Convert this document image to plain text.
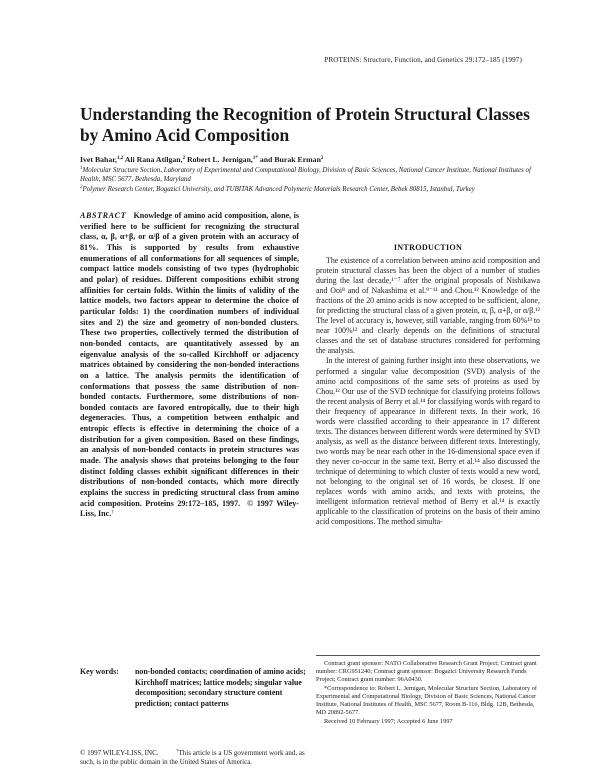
PROTEINS: Structure, Function, and Genetics 29:172–185 (1997)
Understanding the Recognition of Protein Structural Classes by Amino Acid Composition
Ivet Bahar,$^{1,2}$ Ali Rana Atilgan,$^2$ Robert L. Jernigan,$^{1*}$ and Burak Erman$^2$
$^1$Molecular Structure Section, Laboratory of Experimental and Computational Biology, Division of Basic Sciences, National Cancer Institute, National Institutes of Health, MSC 5677, Bethesda, Maryland
$^2$Polymer Research Center, Bogazici University, and TUBITAK Advanced Polymeric Materials Research Center, Bebek 80815, Istanbul, Turkey
ABSTRACT Knowledge of amino acid composition, alone, is verified here to be sufficient for recognizing the structural class, α, β, α+β, or α/β of a given protein with an accuracy of 81%. This is supported by results from exhaustive enumerations of all conformations for all sequences of simple, compact lattice models consisting of two types (hydrophobic and polar) of residues. Different compositions exhibit strong affinities for certain folds. Within the limits of validity of the lattice models, two factors appear to determine the choice of particular folds: 1) the coordination numbers of individual sites and 2) the size and geometry of non-bonded clusters. These two properties, collectively termed the distribution of non-bonded contacts, are quantitatively assessed by an eigenvalue analysis of the so-called Kirchhoff or adjacency matrices obtained by considering the non-bonded interactions on a lattice. The analysis permits the identification of conformations that possess the same distribution of non-bonded contacts. Furthermore, some distributions of non-bonded contacts are favored entropically, due to their high degeneracies. Thus, a competition between enthalpic and entropic effects is effective in determining the choice of a distribution for a given composition. Based on these findings, an analysis of non-bonded contacts in protein structures was made. The analysis shows that proteins belonging to the four distinct folding classes exhibit significant differences in their distributions of non-bonded contacts, which more directly explains the success in predicting structural class from amino acid composition. Proteins 29:172–185, 1997. © 1997 Wiley-Liss, Inc.†
Key words: non-bonded contacts; coordination of amino acids; Kirchhoff matrices; lattice models; singular value decomposition; secondary structure content prediction; contact patterns
© 1997 WILEY-LISS, INC.	†This article is a US government work and, as such, is in the public domain in the United States of America.
INTRODUCTION

The existence of a correlation between amino acid composition and protein structural classes has been the object of a number of studies during the last decade,¹⁻⁷ after the original proposals of Nishikawa and Ooi⁸ and of Nakashima et al.⁹⁻¹¹ and Chou.¹² Knowledge of the fractions of the 20 amino acids is now accepted to be sufficient, alone, for predicting the structural class of a given protein, α, β, α+β, or α/β.¹² The level of accuracy is, however, still variable, ranging from 60%¹³ to near 100%¹² and clearly depends on the definitions of structural classes and the set of database structures considered for performing the analysis.

In the interest of gaining further insight into these observations, we performed a singular value decomposition (SVD) analysis of the amino acid compositions of the same sets of proteins as used by Chou.¹² Our use of the SVD technique for classifying proteins follows the recent analysis of Berry et al.¹⁴ for classifying words with regard to their frequency of appearance in different texts. In their work, 16 words were classified according to their appearance in 17 different texts. The distances between different words were determined by SVD analysis, as well as the distance between different texts. Interestingly, two words may be near each other in the 16-dimensional space even if they never co-occur in the same text. Berry et al.¹⁴ also discussed the technique of determining to which cluster of texts would a new word, not belonging to the original set of 16 words, be closest. If one replaces words with amino acids, and texts with proteins, the intelligent information retrieval method of Berry et al.¹⁴ is exactly applicable to the classification of proteins on the basis of their amino acid compositions. The method simulta-

Contract grant sponsor: NATO Collaborative Research Grant Project; Contract grant number: CRG951240; Contract grant sponsor: Bogazici University Research Funds Project; Contract grant number: 96A0430.

*Correspondence to: Robert L. Jernigan, Molecular Structure Section, Laboratory of Experimental and Computational Biology, Division of Basic Sciences, National Cancer Institute, National Institutes of Health, MSC 5677, Room B-116, Bldg. 12B, Bethesda, MD 20892-5677.

Received 10 February 1997; Accepted 6 June 1997
